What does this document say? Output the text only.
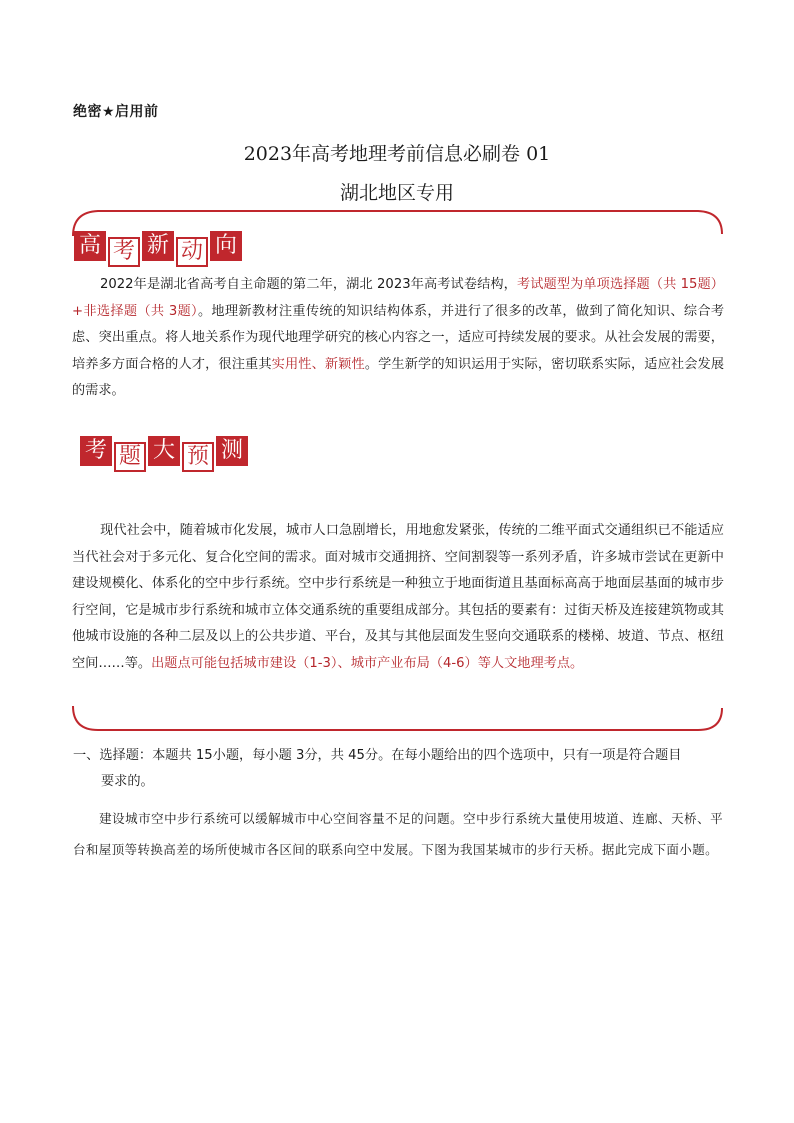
绝密★启用前
2023年高考地理考前信息必刷卷 01
湖北地区专用
高 考 新 动 向

2022年是湖北省高考自主命题的第二年，湖北 2023年高考试卷结构，考试题型为单项选择题（共 15题）+非选择题（共 3题）。地理新教材注重传统的知识结构体系，并进行了很多的改革，做到了简化知识、综合考虑、突出重点。将人地关系作为现代地理学研究的核心内容之一，适应可持续发展的要求。从社会发展的需要，培养多方面合格的人才，很注重其实用性、新颖性。学生新学的知识运用于实际，密切联系实际，适应社会发展的需求。

考 题 大 预 测

现代社会中，随着城市化发展，城市人口急剧增长，用地愈发紧张，传统的二维平面式交通组织已不能适应当代社会对于多元化、复合化空间的需求。面对城市交通拥挤、空间割裂等一系列矛盾，许多城市尝试在更新中建设规模化、体系化的空中步行系统。空中步行系统是一种独立于地面街道且基面标高高于地面层基面的城市步行空间，它是城市步行系统和城市立体交通系统的重要组成部分。其包括的要素有：过街天桥及连接建筑物或其他城市设施的各种二层及以上的公共步道、平台，及其与其他层面发生竖向交通联系的楼梯、坡道、节点、枢纽空间……等。出题点可能包括城市建设（1-3）、城市产业布局（4-6）等人文地理考点。

一、选择题：本题共 15小题，每小题 3分，共 45分。在每小题给出的四个选项中，只有一项是符合题目
要求的。

建设城市空中步行系统可以缓解城市中心空间容量不足的问题。空中步行系统大量使用坡道、连廊、天桥、平台和屋顶等转换高差的场所使城市各区间的联系向空中发展。下图为我国某城市的步行天桥。据此完成下面小题。
